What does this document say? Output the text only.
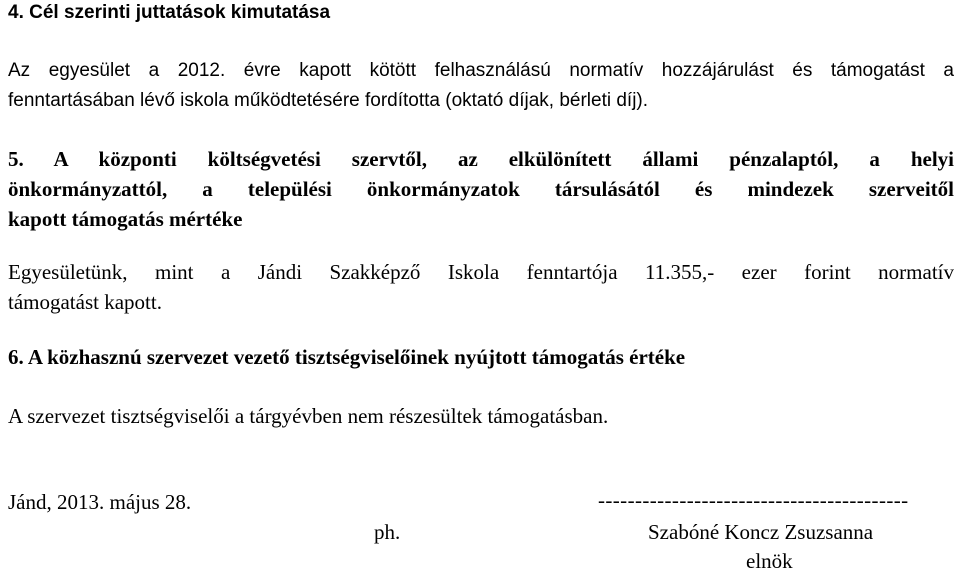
4. Cél szerinti juttatások kimutatása
Az egyesület a 2012. évre kapott kötött felhasználású normatív hozzájárulást és támogatást a
fenntartásában lévő iskola működtetésére fordította (oktató díjak, bérleti díj).
5. A központi költségvetési szervtől, az elkülönített állami pénzalaptól, a helyi
önkormányzattól, a települési önkormányzatok társulásától és mindezek szerveitől
kapott támogatás mértéke
Egyesületünk, mint a Jándi Szakképző Iskola fenntartója 11.355,- ezer forint normatív
támogatást kapott.
6. A közhasznú szervezet vezető tisztségviselőinek nyújtott támogatás értéke
A szervezet tisztségviselői a tárgyévben nem részesültek támogatásban.
Jánd, 2013. május 28.	------------------------------------------
ph.	Szabóné Koncz Zsuzsanna
elnök
